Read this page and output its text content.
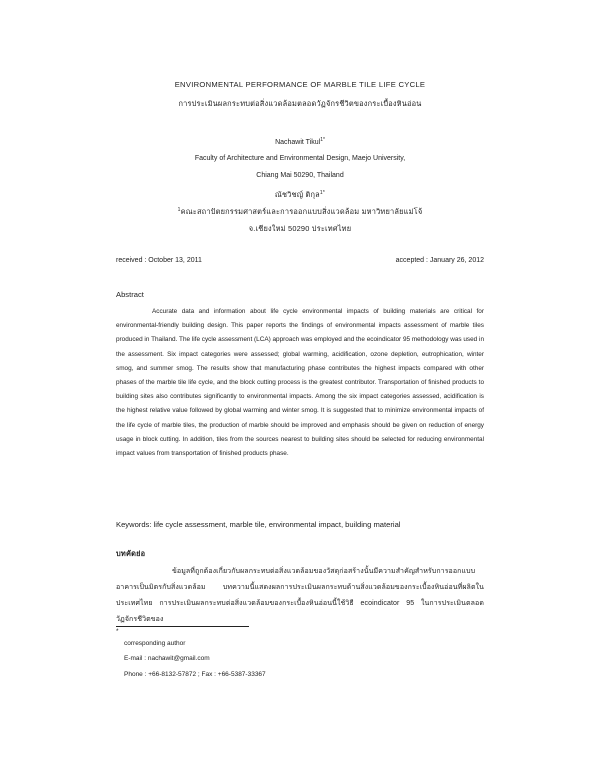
ENVIRONMENTAL PERFORMANCE OF MARBLE TILE LIFE CYCLE
การประเมินผลกระทบต่อสิ่งแวดล้อมตลอดวัฏจักรชีวิตของกระเบื้องหินอ่อน
Nachawit Tikul$^{1*}$
Faculty of Architecture and Environmental Design, Maejo University,
Chiang Mai 50290, Thailand
ณัชวิชญ์ ติกุล$^{1*}$
$^1$คณะสถาปัตยกรรมศาสตร์และการออกแบบสิ่งแวดล้อม มหาวิทยาลัยแม่โจ้
จ.เชียงใหม่ 50290 ประเทศไทย
received : October 13, 2011	accepted : January 26, 2012
Abstract
Accurate data and information about life cycle environmental impacts of building materials are critical for environmental-friendly building design. This paper reports the findings of environmental impacts assessment of marble tiles produced in Thailand. The life cycle assessment (LCA) approach was employed and the ecoindicator 95 methodology was used in the assessment. Six impact categories were assessed; global warming, acidification, ozone depletion, eutrophication, winter smog, and summer smog. The results show that manufacturing phase contributes the highest impacts compared with other phases of the marble tile life cycle, and the block cutting process is the greatest contributor. Transportation of finished products to building sites also contributes significantly to environmental impacts. Among the six impact categories assessed, acidification is the highest relative value followed by global warming and winter smog. It is suggested that to minimize environmental impacts of the life cycle of marble tiles, the production of marble should be improved and emphasis should be given on reduction of energy usage in block cutting. In addition, tiles from the sources nearest to building sites should be selected for reducing environmental impact values from transportation of finished products phase.
Keywords: life cycle assessment, marble tile, environmental impact, building material
บทคัดย่อ
ข้อมูลที่ถูกต้องเกี่ยวกับผลกระทบต่อสิ่งแวดล้อมของวัสดุก่อสร้างนั้นมีความสำคัญสำหรับการออกแบบอาคารเป็นมิตรกับสิ่งแวดล้อม บทความนี้แสดงผลการประเมินผลกระทบด้านสิ่งแวดล้อมของกระเบื้องหินอ่อนที่ผลิตในประเทศไทย การประเมินผลกระทบต่อสิ่งแวดล้อมของกระเบื้องหินอ่อนนี้ใช้วิธี ecoindicator 95 ในการประเมินตลอดวัฏจักรชีวิตของ
*
corresponding author
E-mail : nachawit@gmail.com
Phone : +66-8132-57872 ; Fax : +66-5387-33367
